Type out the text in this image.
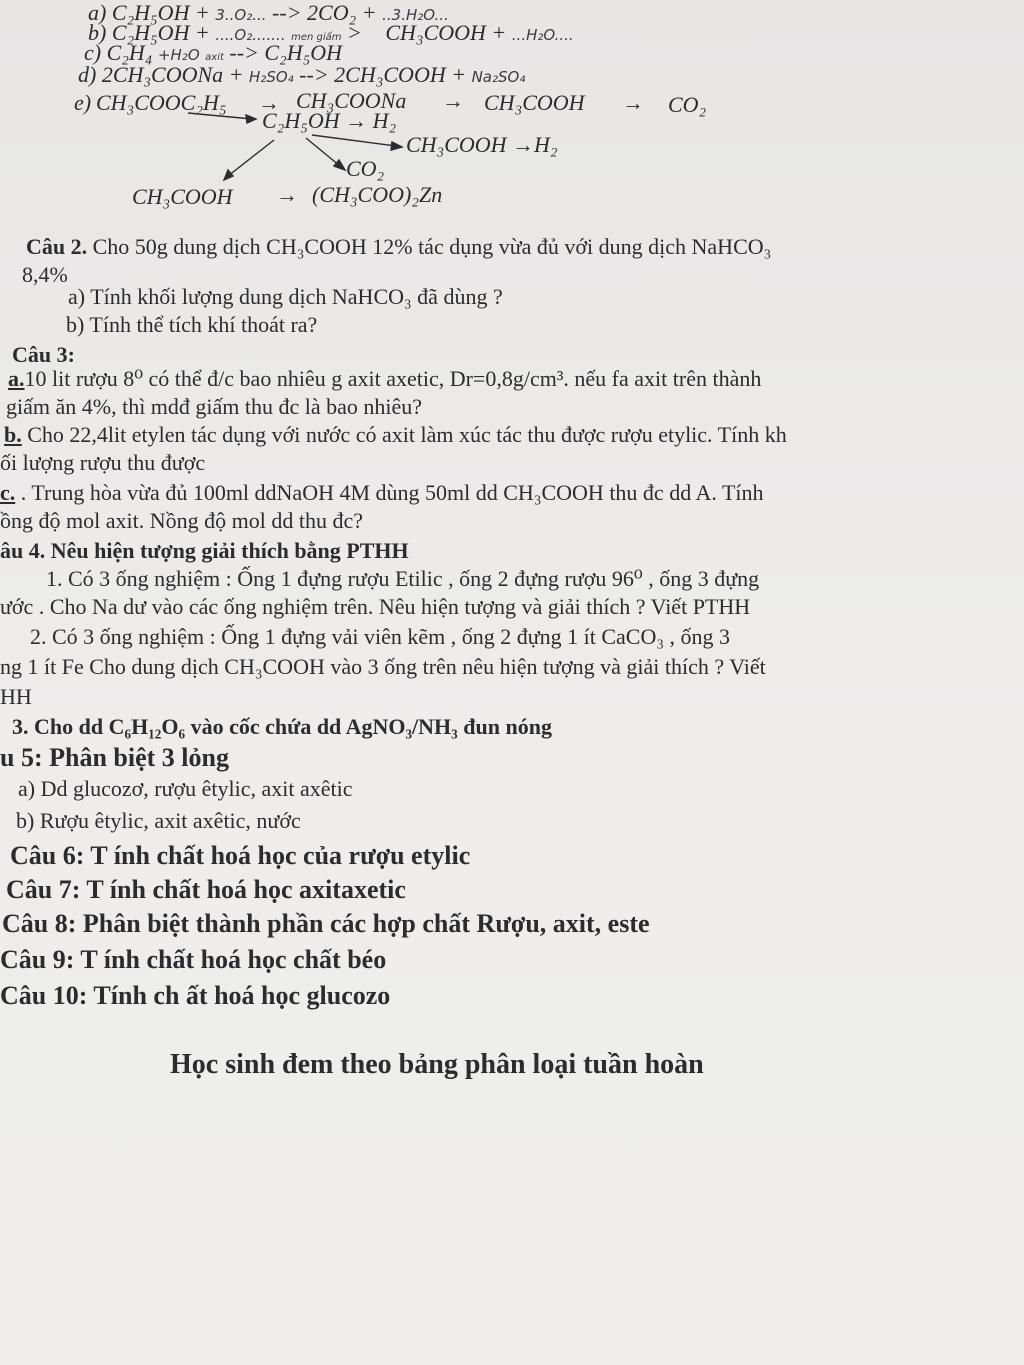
a) C₂H₅OH + 3..O₂... --> 2CO₂ + ..3.H₂O...
b) C₂H₅OH + ....O₂....... men giấm > CH₃COOH + ...H₂O....
c) C₂H₄ +H₂O axit --> C₂H₅OH
d) 2CH₃COONa + H₂SO₄ --> 2CH₃COOH + Na₂SO₄
e) CH₃COOC₂H₅ → CH₃COONa → CH₃COOH → CO₂
C₂H₅OH → H₂
CH₃COOH →H₂
CO₂
CH₃COOH → (CH₃COO)₂Zn
Câu 2. Cho 50g dung dịch CH₃COOH 12% tác dụng vừa đủ với dung dịch NaHCO₃
8,4%
a) Tính khối lượng dung dịch NaHCO₃ đã dùng ?
b) Tính thể tích khí thoát ra?
Câu 3:
a.10 lit rượu 8⁰ có thể đ/c bao nhiêu g axit axetic, Dr=0,8g/cm³. nếu fa axit trên thành
giấm ăn 4%, thì mdđ giấm thu đc là bao nhiêu?
b. Cho 22,4lit etylen tác dụng với nước có axit làm xúc tác thu được rượu etylic. Tính kh
ối lượng rượu thu được
c. . Trung hòa vừa đủ 100ml ddNaOH 4M dùng 50ml dd CH₃COOH thu đc dd A. Tính
ồng độ mol axit. Nồng độ mol dd thu đc?
âu 4. Nêu hiện tượng giải thích bằng PTHH
1. Có 3 ống nghiệm : Ống 1 đựng rượu Etilic , ống 2 đựng rượu 96⁰ , ống 3 đựng
ước . Cho Na dư vào các ống nghiệm trên. Nêu hiện tượng và giải thích ? Viết PTHH
2. Có 3 ống nghiệm : Ống 1 đựng vải viên kẽm , ống 2 đựng 1 ít CaCO₃ , ống 3
ng 1 ít Fe Cho dung dịch CH₃COOH vào 3 ống trên nêu hiện tượng và giải thích ? Viết
HH
3. Cho dd C₆H₁₂O₆ vào cốc chứa dd AgNO₃/NH₃ đun nóng
u 5: Phân biệt 3 lỏng
a) Dd glucozơ, rượu êtylic, axit axêtic
b) Rượu êtylic, axit axêtic, nước
Câu 6: T ính chất hoá học của rượu etylic
Câu 7: T ính chất hoá học axitaxetic
Câu 8: Phân biệt thành phần các hợp chất Rượu, axit, este
Câu 9: T ính chất hoá học chất béo
Câu 10: Tính ch ất hoá học glucozo
Học sinh đem theo bảng phân loại tuần hoàn
